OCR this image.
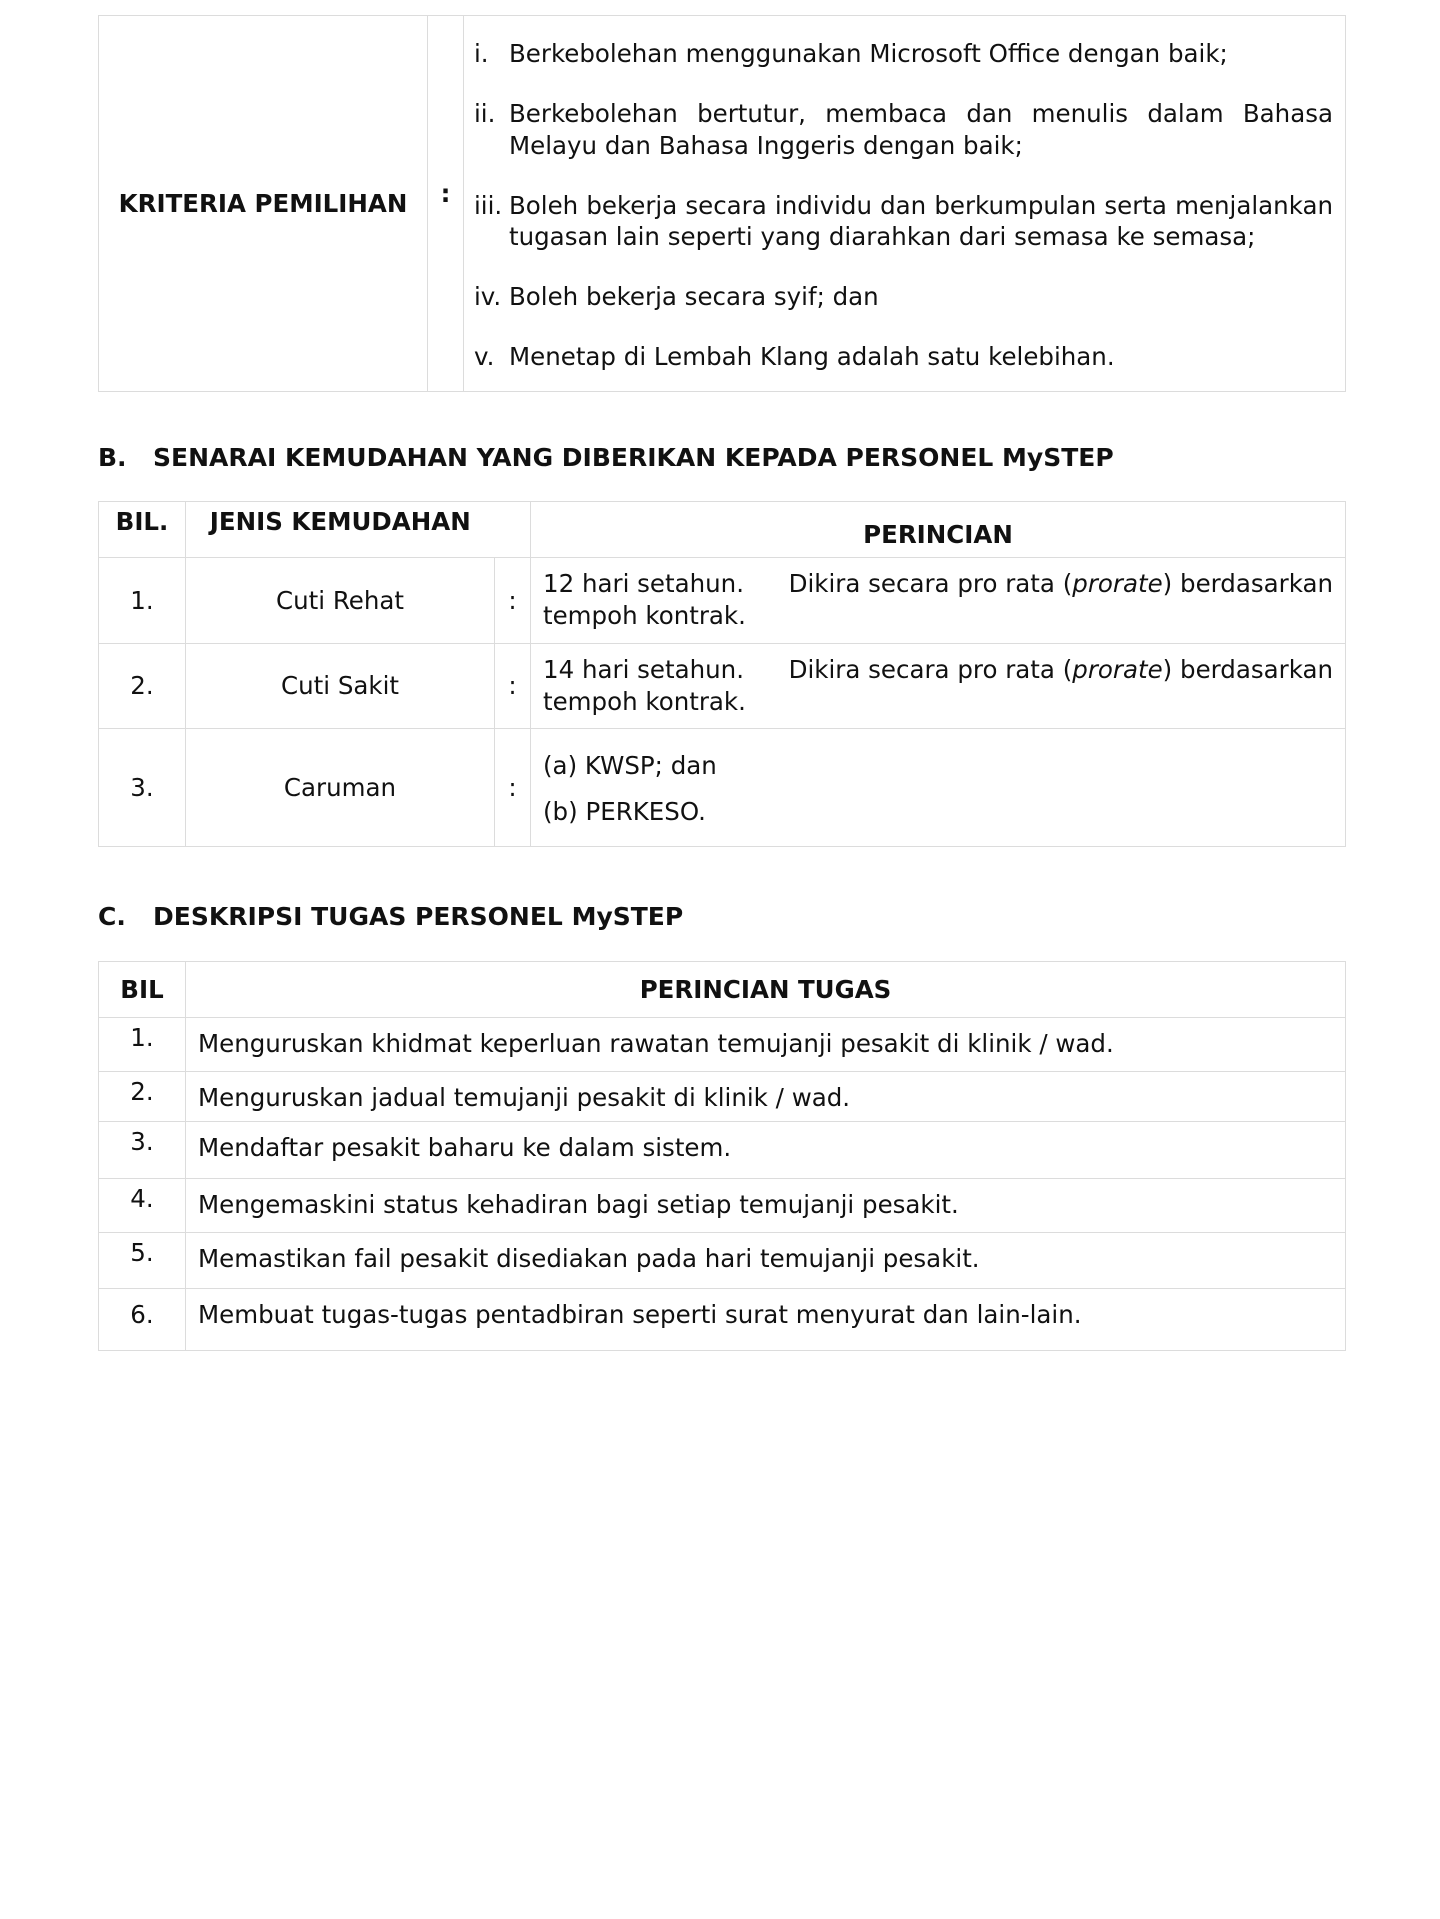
KRITERIA PEMILIHAN	:	
i. Berkebolehan menggunakan Microsoft Office dengan baik;
ii. Berkebolehan bertutur, membaca dan menulis dalam Bahasa Melayu dan Bahasa Inggeris dengan baik;
iii. Boleh bekerja secara individu dan berkumpulan serta menjalankan tugasan lain seperti yang diarahkan dari semasa ke semasa;
iv. Boleh bekerja secara syif; dan
v. Menetap di Lembah Klang adalah satu kelebihan.
B.	SENARAI KEMUDAHAN YANG DIBERIKAN KEPADA PERSONEL MySTEP
BIL.	JENIS KEMUDAHAN		PERINCIAN
1.	Cuti Rehat	:	12 hari setahun. Dikira secara pro rata (prorate) berdasarkan
tempoh kontrak.

2.	Cuti Sakit	:	14 hari setahun. Dikira secara pro rata (prorate) berdasarkan
tempoh kontrak.

3.	Caruman	:	(a) KWSP; dan
(b) PERKESO.
C.	DESKRIPSI TUGAS PERSONEL MySTEP
BIL	PERINCIAN TUGAS
1.	Menguruskan khidmat keperluan rawatan temujanji pesakit di klinik / wad.
2.	Menguruskan jadual temujanji pesakit di klinik / wad.
3.	Mendaftar pesakit baharu ke dalam sistem.
4.	Mengemaskini status kehadiran bagi setiap temujanji pesakit.
5.	Memastikan fail pesakit disediakan pada hari temujanji pesakit.
6.	Membuat tugas-tugas pentadbiran seperti surat menyurat dan lain-lain.
